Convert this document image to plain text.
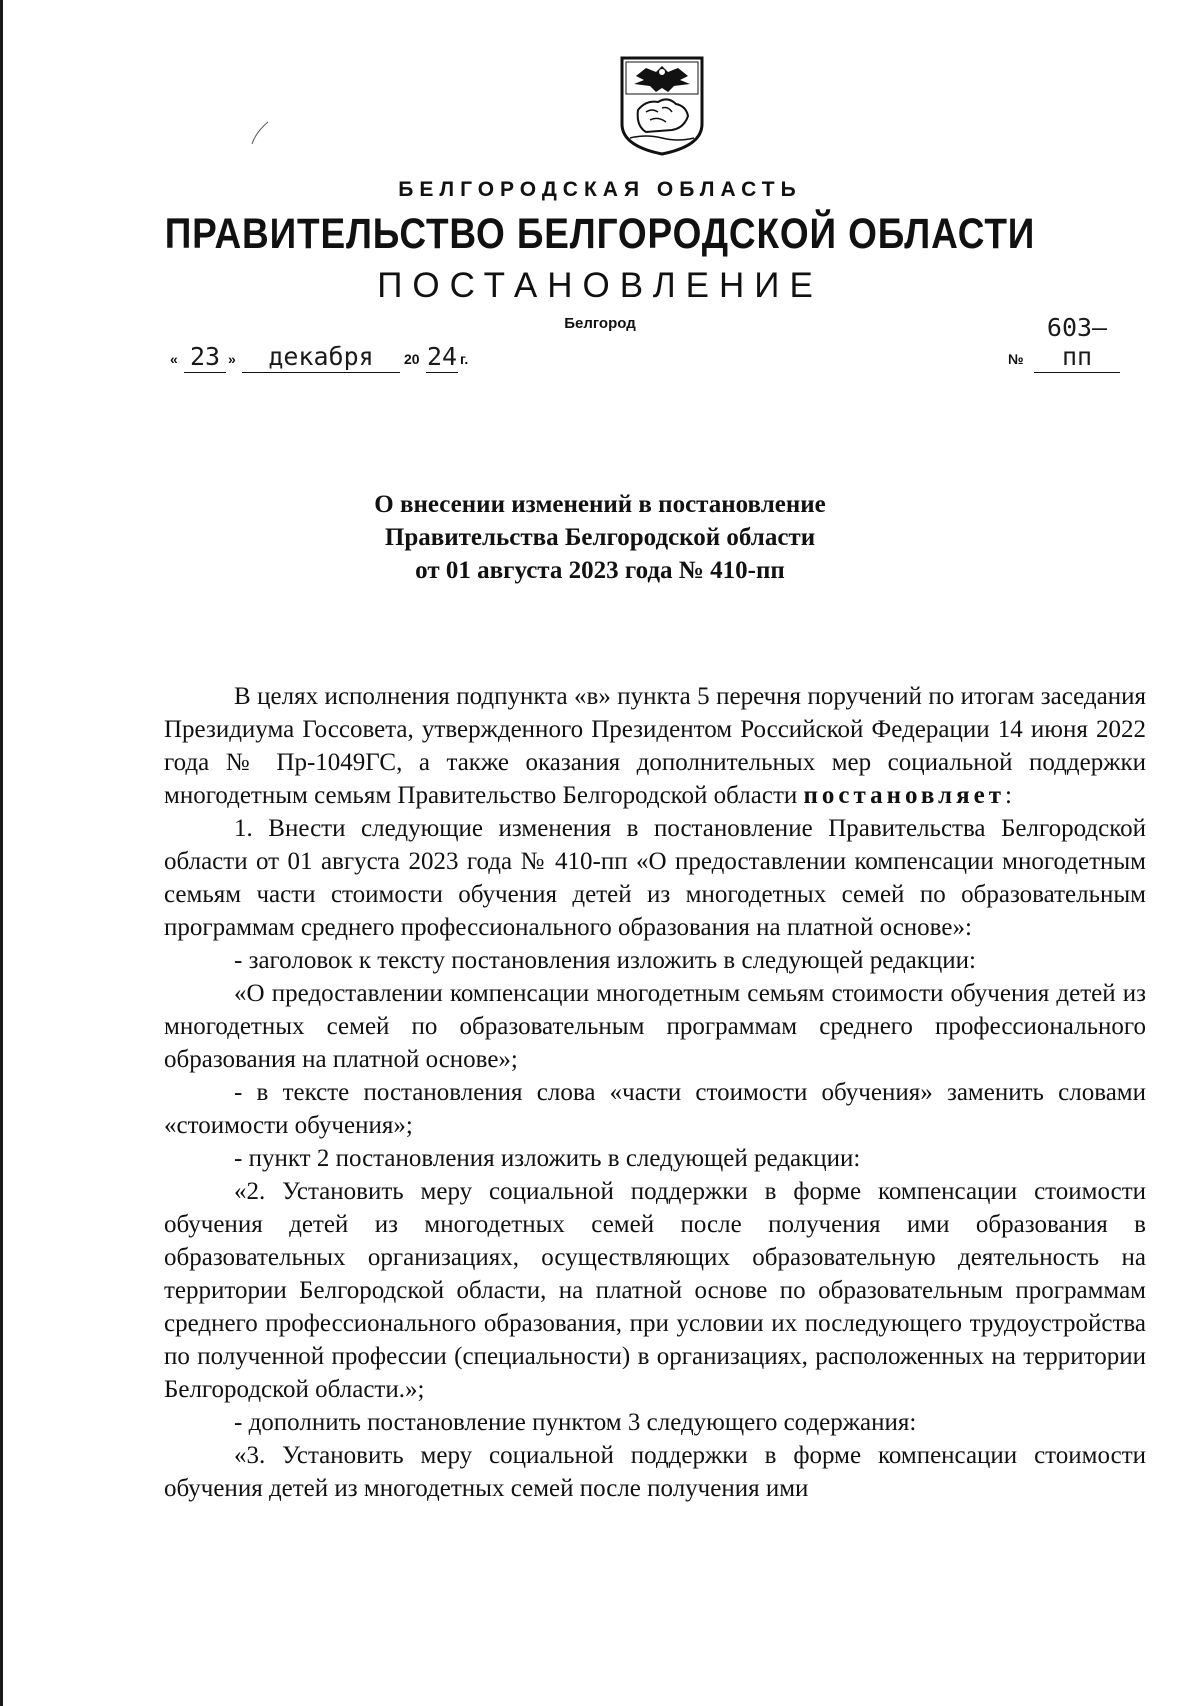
БЕЛГОРОДСКАЯ ОБЛАСТЬ
ПРАВИТЕЛЬСТВО БЕЛГОРОДСКОЙ ОБЛАСТИ
ПОСТАНОВЛЕНИЕ
Белгород
« 23 »	декабря	20 24 г.	№
603–пп
О внесении изменений в постановление
Правительства Белгородской области
от 01 августа 2023 года № 410-пп

В целях исполнения подпункта «в» пункта 5 перечня поручений по итогам заседания Президиума Госсовета, утвержденного Президентом Российской Федерации 14 июня 2022 года № Пр-1049ГС, а также оказания дополнительных мер социальной поддержки многодетным семьям Правительство Белгородской области постановляет:

1. Внести следующие изменения в постановление Правительства Белгородской области от 01 августа 2023 года № 410-пп «О предоставлении компенсации многодетным семьям части стоимости обучения детей из многодетных семей по образовательным программам среднего профессионального образования на платной основе»:

- заголовок к тексту постановления изложить в следующей редакции:

«О предоставлении компенсации многодетным семьям стоимости обучения детей из многодетных семей по образовательным программам среднего профессионального образования на платной основе»;

- в тексте постановления слова «части стоимости обучения» заменить словами «стоимости обучения»;

- пункт 2 постановления изложить в следующей редакции:

«2. Установить меру социальной поддержки в форме компенсации стоимости обучения детей из многодетных семей после получения ими образования в образовательных организациях, осуществляющих образовательную деятельность на территории Белгородской области, на платной основе по образовательным программам среднего профессионального образования, при условии их последующего трудоустройства по полученной профессии (специальности) в организациях, расположенных на территории Белгородской области.»;

- дополнить постановление пунктом 3 следующего содержания:

«3. Установить меру социальной поддержки в форме компенсации стоимости обучения детей из многодетных семей после получения ими
